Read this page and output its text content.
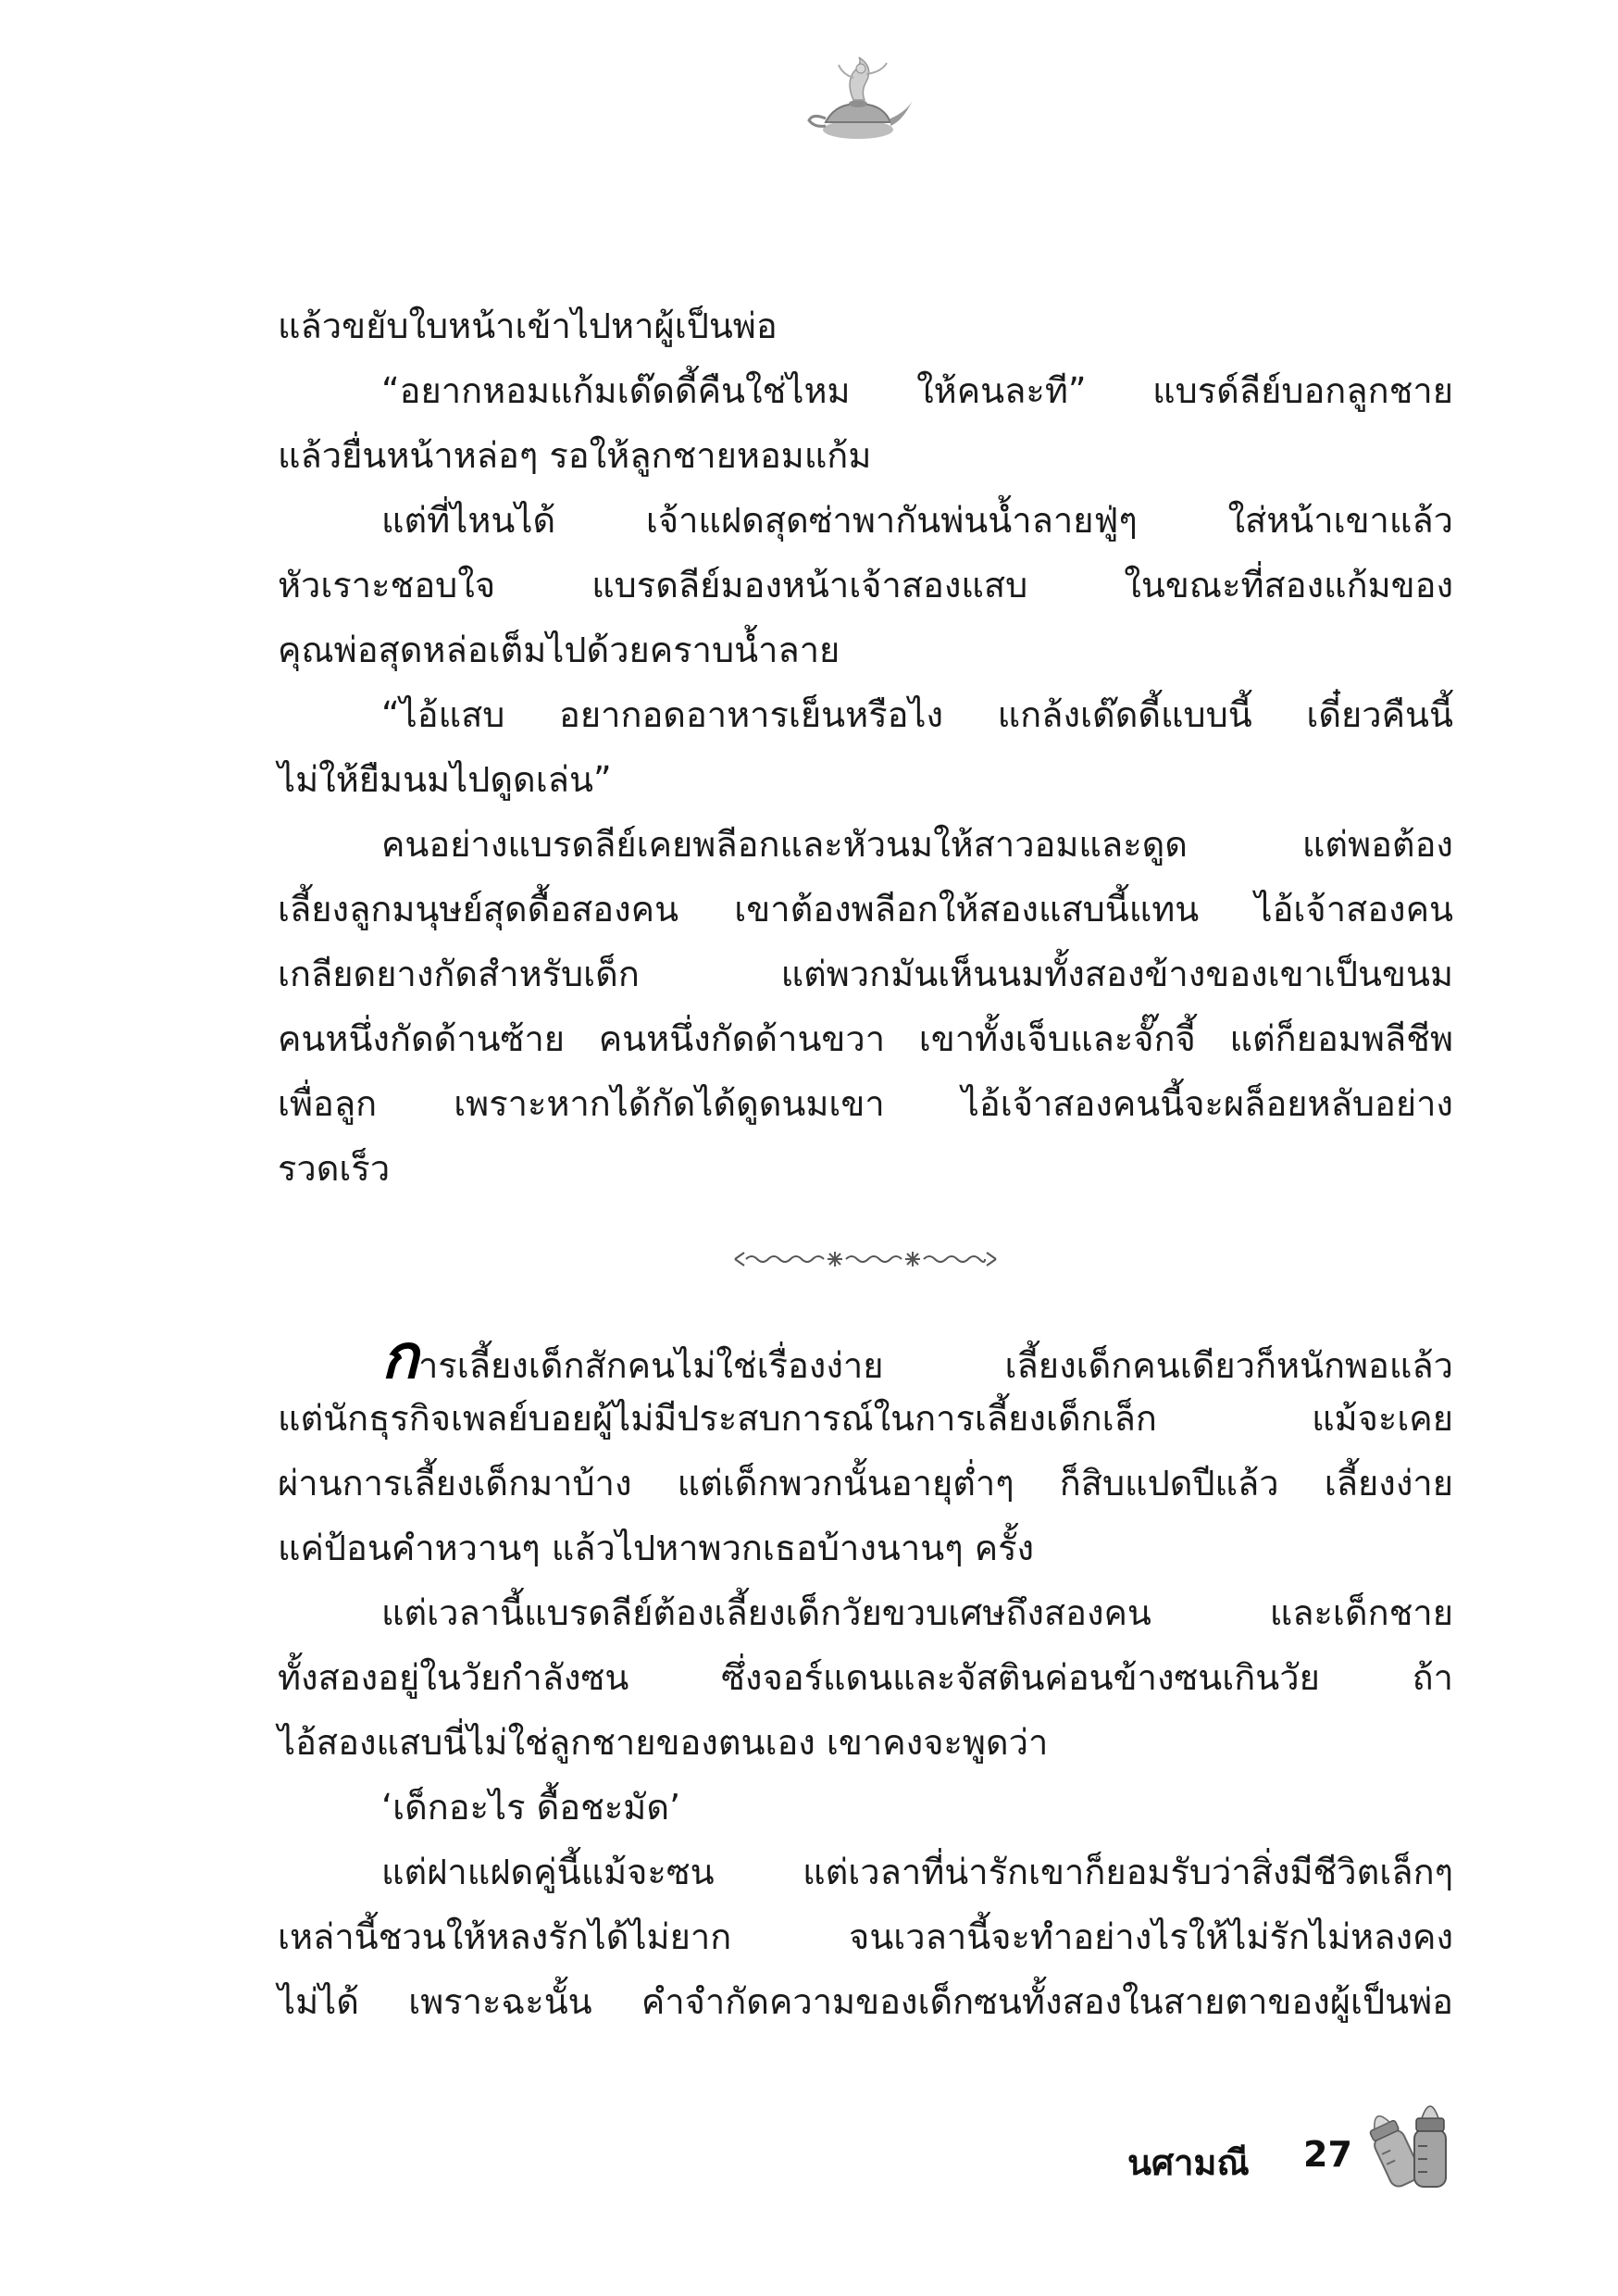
แล้วขยับใบหน้าเข้าไปหาผู้เป็นพ่อ
“อยากหอมแก้มเด๊ดดี้คืนใช่ไหม ให้คนละที” แบรด์ลีย์บอกลูกชาย
แล้วยื่นหน้าหล่อๆ รอให้ลูกชายหอมแก้ม
แต่ที่ไหนได้ เจ้าแฝดสุดซ่าพากันพ่นน้ำลายฟู่ๆ ใส่หน้าเขาแล้ว
หัวเราะชอบใจ แบรดลีย์มองหน้าเจ้าสองแสบ ในขณะที่สองแก้มของ
คุณพ่อสุดหล่อเต็มไปด้วยคราบน้ำลาย
“ไอ้แสบ อยากอดอาหารเย็นหรือไง แกล้งเด๊ดดี้แบบนี้ เดี๋ยวคืนนี้
ไม่ให้ยืมนมไปดูดเล่น”
คนอย่างแบรดลีย์เคยพลีอกและหัวนมให้สาวอมและดูด แต่พอต้อง
เลี้ยงลูกมนุษย์สุดดื้อสองคน เขาต้องพลีอกให้สองแสบนี้แทน ไอ้เจ้าสองคน
เกลียดยางกัดสำหรับเด็ก แต่พวกมันเห็นนมทั้งสองข้างของเขาเป็นขนม
คนหนึ่งกัดด้านซ้าย คนหนึ่งกัดด้านขวา เขาทั้งเจ็บและจั๊กจี้ แต่ก็ยอมพลีชีพ
เพื่อลูก เพราะหากได้กัดได้ดูดนมเขา ไอ้เจ้าสองคนนี้จะผล็อยหลับอย่าง
รวดเร็ว
การเลี้ยงเด็กสักคนไม่ใช่เรื่องง่าย เลี้ยงเด็กคนเดียวก็หนักพอแล้ว
แต่นักธุรกิจเพลย์บอยผู้ไม่มีประสบการณ์ในการเลี้ยงเด็กเล็ก แม้จะเคย
ผ่านการเลี้ยงเด็กมาบ้าง แต่เด็กพวกนั้นอายุต่ำๆ ก็สิบแปดปีแล้ว เลี้ยงง่าย
แค่ป้อนคำหวานๆ แล้วไปหาพวกเธอบ้างนานๆ ครั้ง
แต่เวลานี้แบรดลีย์ต้องเลี้ยงเด็กวัยขวบเศษถึงสองคน และเด็กชาย
ทั้งสองอยู่ในวัยกำลังซน ซึ่งจอร์แดนและจัสตินค่อนข้างซนเกินวัย ถ้า
ไอ้สองแสบนี่ไม่ใช่ลูกชายของตนเอง เขาคงจะพูดว่า
‘เด็กอะไร ดื้อชะมัด’
แต่ฝาแฝดคู่นี้แม้จะซน แต่เวลาที่น่ารักเขาก็ยอมรับว่าสิ่งมีชีวิตเล็กๆ
เหล่านี้ชวนให้หลงรักได้ไม่ยาก จนเวลานี้จะทำอย่างไรให้ไม่รักไม่หลงคง
ไม่ได้ เพราะฉะนั้น คำจำกัดความของเด็กซนทั้งสองในสายตาของผู้เป็นพ่อ
นศามณี 27
